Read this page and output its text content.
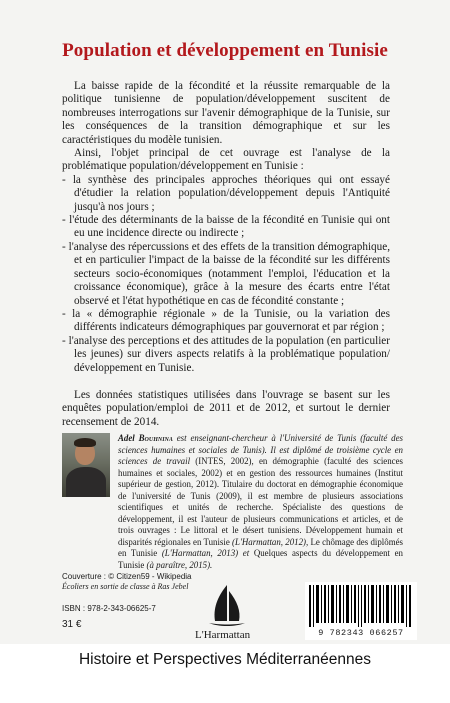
Population et développement en Tunisie

La baisse rapide de la fécondité et la réussite remarquable de la politique tunisienne de population/développement suscitent de nombreuses interrogations sur l'avenir démographique de la Tunisie, sur les conséquences de la transition démographique et sur les caractéristiques du modèle tunisien.

Ainsi, l'objet principal de cet ouvrage est l'analyse de la problématique population/développement en Tunisie :

- la synthèse des principales approches théoriques qui ont essayé d'étudier la relation population/développement depuis l'Antiquité jusqu'à nos jours ;
- l'étude des déterminants de la baisse de la fécondité en Tunisie qui ont eu une incidence directe ou indirecte ;
- l'analyse des répercussions et des effets de la transition démographique, et en particulier l'impact de la baisse de la fécondité sur les différents secteurs socio-économiques (notamment l'emploi, l'éducation et la croissance économique), grâce à la mesure des écarts entre l'état observé et l'état hypothétique en cas de fécondité constante ;
- la « démographie régionale » de la Tunisie, ou la variation des différents indicateurs démographiques par gouvernorat et par région ;
- l'analyse des perceptions et des attitudes de la population (en particulier les jeunes) sur divers aspects relatifs à la problématique population/ développement en Tunisie.

Les données statistiques utilisées dans l'ouvrage se basent sur les enquêtes population/emploi de 2011 et de 2012, et surtout le dernier recensement de 2014.

Adel Bouhnina est enseignant-chercheur à l'Université de Tunis (faculté des sciences humaines et sociales de Tunis). Il est diplômé de troisième cycle en sciences de travail (INTES, 2002), en démographie (faculté des sciences humaines et sociales, 2002) et en gestion des ressources humaines (Institut supérieur de gestion, 2012). Titulaire du doctorat en démographie économique de l'université de Tunis (2009), il est membre de plusieurs associations scientifiques et unités de recherche. Spécialiste des questions de développement, il est l'auteur de plusieurs communications et articles, et de trois ouvrages : Le littoral et le désert tunisiens. Développement humain et disparités régionales en Tunisie (L'Harmattan, 2012), Le chômage des diplômés en Tunisie (L'Harmattan, 2013) et Quelques aspects du développement en Tunisie (à paraître, 2015).

Couverture : © Citizen59 - Wikipedia
Écoliers en sortie de classe à Ras Jebel
ISBN : 978-2-343-06625-7
31 €
L'Harmattan	9 782343 066257
Histoire et Perspectives Méditerranéennes
